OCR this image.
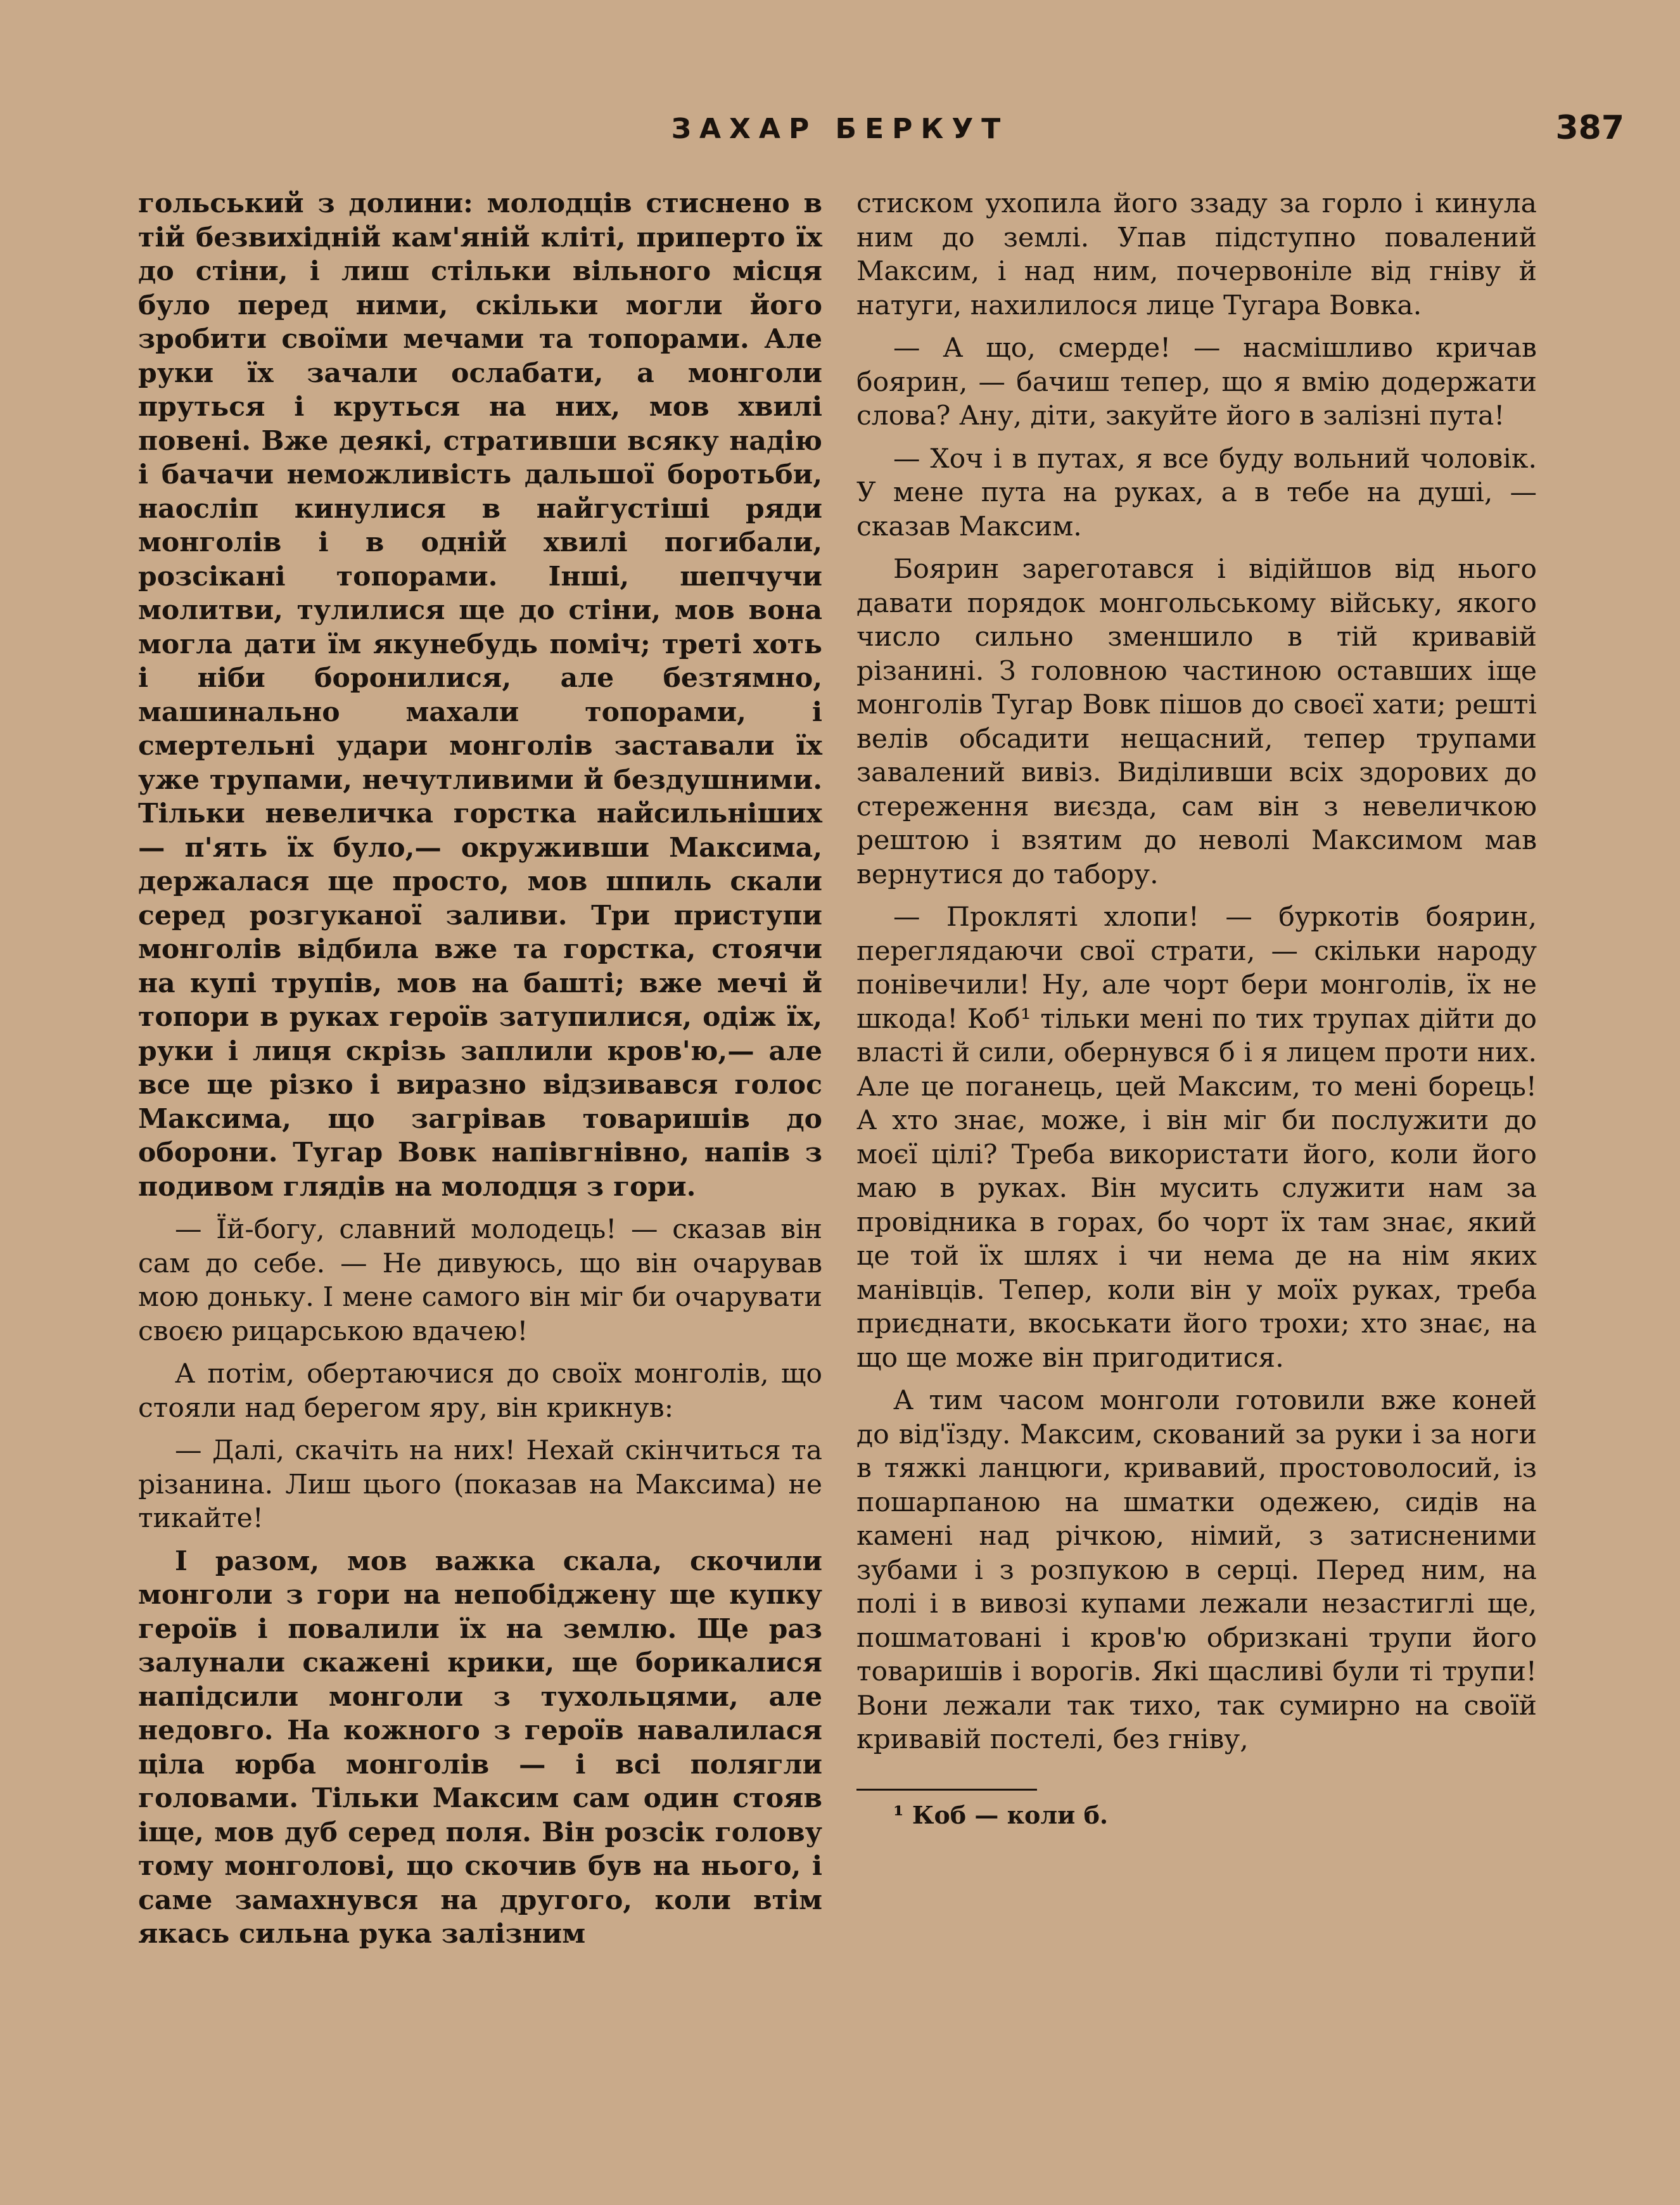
ЗАХАР БЕРКУТ	387

гольський з долини: молодців стиснено в тій безвихідній кам'яній кліті, приперто їх до стіни, і лиш стільки вільного місця було перед ними, скільки могли його зробити своїми мечами та топорами. Але руки їх зачали ослабати, а монголи пруться і круться на них, мов хвилі повені. Вже деякі, стративши всяку надію і бачачи неможливість дальшої боротьби, наосліп кинулися в найгустіші ряди монголів і в одній хвилі погибали, розсікані топорами. Інші, шепчучи молитви, тулилися ще до стіни, мов вона могла дати їм якунебудь поміч; треті хоть і ніби боронилися, але безтямно, машинально махали топорами, і смертельні удари монголів заставали їх уже трупами, нечутливими й бездушними. Тільки невеличка горстка найсильніших — п'ять їх було,— окруживши Максима, держалася ще просто, мов шпиль скали серед розгуканої заливи. Три приступи монголів відбила вже та горстка, стоячи на купі трупів, мов на башті; вже мечі й топори в руках героїв затупилися, одіж їх, руки і лиця скрізь заплили кров'ю,— але все ще різко і виразно відзивався голос Максима, що загрівав товаришів до оборони. Тугар Вовк напівгнівно, напів з подивом глядів на молодця з гори.

— Їй-богу, славний молодець! — сказав він сам до себе. — Не дивуюсь, що він очарував мою доньку. І мене самого він міг би очарувати своєю рицарською вдачею!

А потім, обертаючися до своїх монголів, що стояли над берегом яру, він крикнув:

— Далі, скачіть на них! Нехай скінчиться та різанина. Лиш цього (показав на Максима) не тикайте!

І разом, мов важка скала, скочили монголи з гори на непобіджену ще купку героїв і повалили їх на землю. Ще раз залунали скажені крики, ще борикалися напідсили монголи з тухольцями, але недовго. На кожного з героїв навалилася ціла юрба монголів — і всі полягли головами. Тільки Максим сам один стояв іще, мов дуб серед поля. Він розсік голову тому монголові, що скочив був на нього, і саме замахнувся на другого, коли втім якась сильна рука залізним

стиском ухопила його ззаду за горло і кинула ним до землі. Упав підступно повалений Максим, і над ним, почервоніле від гніву й натуги, нахилилося лице Тугара Вовка.

— А що, смерде! — насмішливо кричав боярин, — бачиш тепер, що я вмію додержати слова? Ану, діти, закуйте його в залізні пута!

— Хоч і в путах, я все буду вольний чоловік. У мене пута на руках, а в тебе на душі, — сказав Максим.

Боярин зареготався і відійшов від нього давати порядок монгольському війську, якого число сильно зменшило в тій кривавій різанині. З головною частиною оставших іще монголів Тугар Вовк пішов до своєї хати; решті велів обсадити нещасний, тепер трупами завалений вивіз. Виділивши всіх здорових до стереження виєзда, сам він з невеличкою рештою і взятим до неволі Максимом мав вернутися до табору.

— Прокляті хлопи! — буркотів боярин, переглядаючи свої страти, — скільки народу понівечили! Ну, але чорт бери монголів, їх не шкода! Коб¹ тільки мені по тих трупах дійти до власті й сили, обернувся б і я лицем проти них. Але це поганець, цей Максим, то мені борець! А хто знає, може, і він міг би послужити до моєї цілі? Треба використати його, коли його маю в руках. Він мусить служити нам за провідника в горах, бо чорт їх там знає, який це той їх шлях і чи нема де на нім яких манівців. Тепер, коли він у моїх руках, треба приєднати, вкоськати його трохи; хто знає, на що ще може він пригодитися.

А тим часом монголи готовили вже коней до від'їзду. Максим, скований за руки і за ноги в тяжкі ланцюги, кривавий, простоволосий, із пошарпаною на шматки одежею, сидів на камені над річкою, німий, з затисненими зубами і з розпукою в серці. Перед ним, на полі і в вивозі купами лежали незастиглі ще, пошматовані і кров'ю обризкані трупи його товаришів і ворогів. Які щасливі були ті трупи! Вони лежали так тихо, так сумирно на своїй кривавій постелі, без гніву,

¹ Коб — коли б.
